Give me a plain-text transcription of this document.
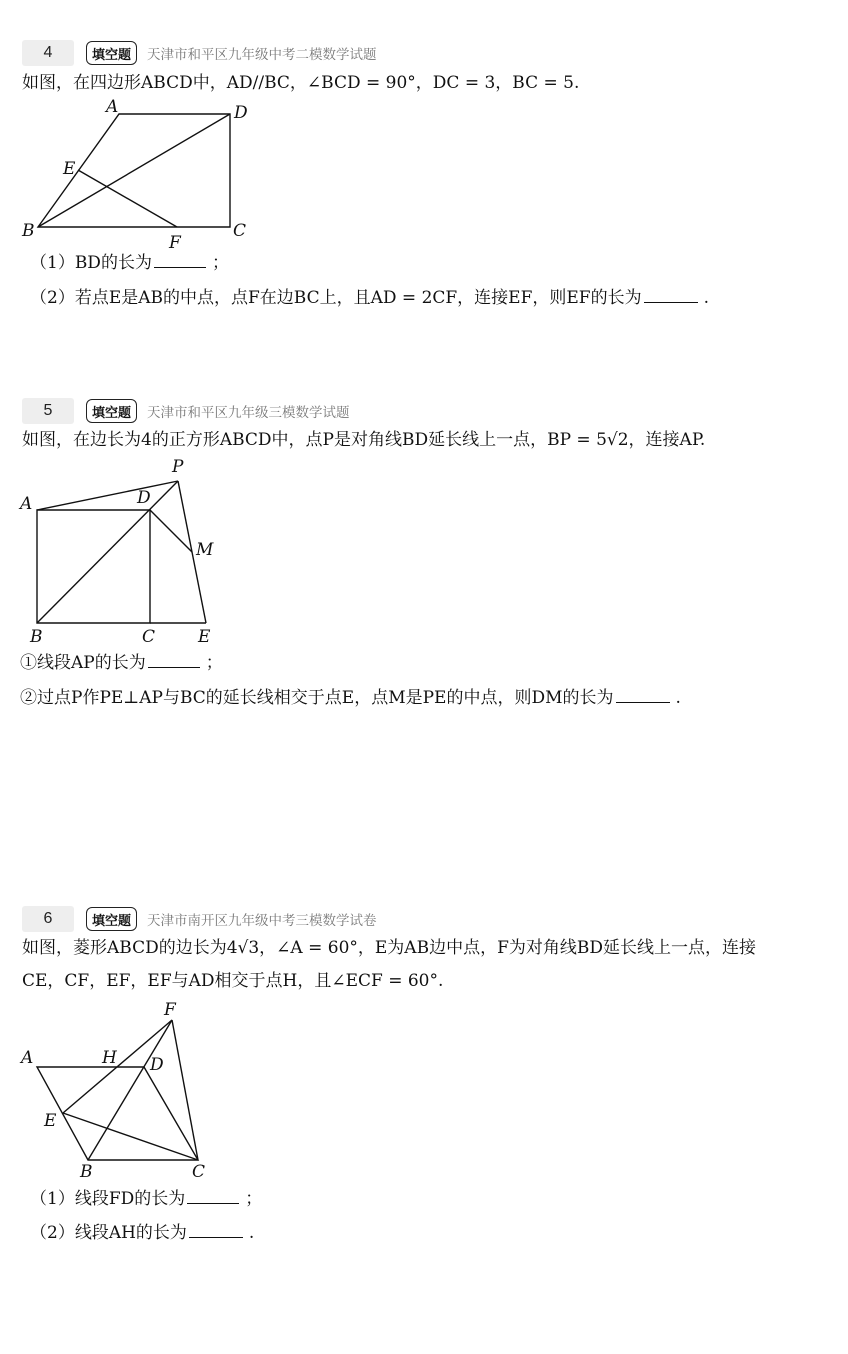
4	填空题	天津市和平区九年级中考二模数学试题
如图，在四边形ABCD中，AD//BC，∠BCD = 90°，DC = 3，BC = 5.
A	D
E
B
F
C
（1）BD的长为	；
（2）若点E是AB的中点，点F在边BC上，且AD = 2CF，连接EF，则EF的长为	.
5	填空题	天津市和平区九年级三模数学试题
如图，在边长为4的正方形ABCD中，点P是对角线BD延长线上一点，BP = 5√2，连接AP.
P
A	D
M
B	C	E
①线段AP的长为	；
②过点P作PE⊥AP与BC的延长线相交于点E，点M是PE的中点，则DM的长为	.
6	填空题	天津市南开区九年级中考三模数学试卷
如图，菱形ABCD的边长为4√3，∠A = 60°，E为AB边中点，F为对角线BD延长线上一点，连接
CE，CF，EF，EF与AD相交于点H，且∠ECF = 60°.
F
A	H D
E
B	C
（1）线段FD的长为	；
（2）线段AH的长为	.
